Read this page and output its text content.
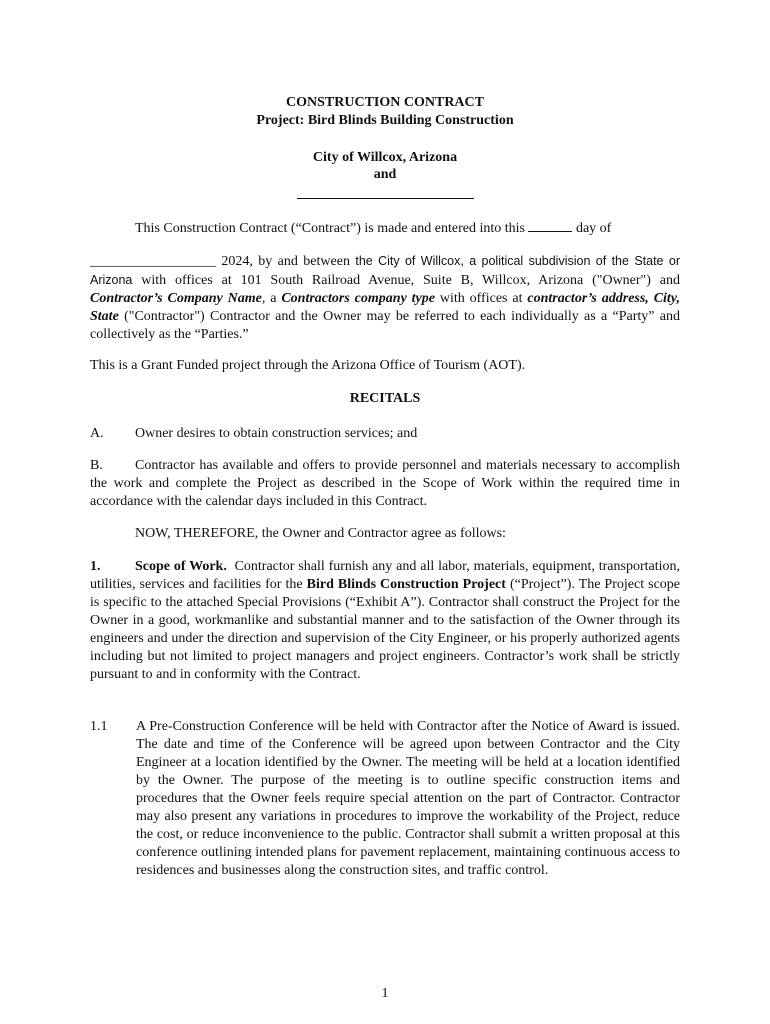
CONSTRUCTION CONTRACT
Project: Bird Blinds Building Construction
City of Willcox, Arizona
and
This Construction Contract (“Contract”) is made and entered into this	day of
__________________ 2024, by and between the City of Willcox, a political subdivision of the State or Arizona with offices at 101 South Railroad Avenue, Suite B, Willcox, Arizona ("Owner") and Contractor’s Company Name, a Contractors company type with offices at contractor’s address, City, State ("Contractor") Contractor and the Owner may be referred to each individually as a “Party” and collectively as the “Parties.”
This is a Grant Funded project through the Arizona Office of Tourism (AOT).
RECITALS
A. Owner desires to obtain construction services; and
B. Contractor has available and offers to provide personnel and materials necessary to accomplish the work and complete the Project as described in the Scope of Work within the required time in accordance with the calendar days included in this Contract.
NOW, THEREFORE, the Owner and Contractor agree as follows:
1. Scope of Work. Contractor shall furnish any and all labor, materials, equipment, transportation, utilities, services and facilities for the Bird Blinds Construction Project (“Project”). The Project scope is specific to the attached Special Provisions (“Exhibit A”). Contractor shall construct the Project for the Owner in a good, workmanlike and substantial manner and to the satisfaction of the Owner through its engineers and under the direction and supervision of the City Engineer, or his properly authorized agents including but not limited to project managers and project engineers. Contractor’s work shall be strictly pursuant to and in conformity with the Contract.
1.1 A Pre-Construction Conference will be held with Contractor after the Notice of Award is issued. The date and time of the Conference will be agreed upon between Contractor and the City Engineer at a location identified by the Owner. The meeting will be held at a location identified by the Owner. The purpose of the meeting is to outline specific construction items and procedures that the Owner feels require special attention on the part of Contractor. Contractor may also present any variations in procedures to improve the workability of the Project, reduce the cost, or reduce inconvenience to the public. Contractor shall submit a written proposal at this conference outlining intended plans for pavement replacement, maintaining continuous access to residences and businesses along the construction sites, and traffic control.
1
